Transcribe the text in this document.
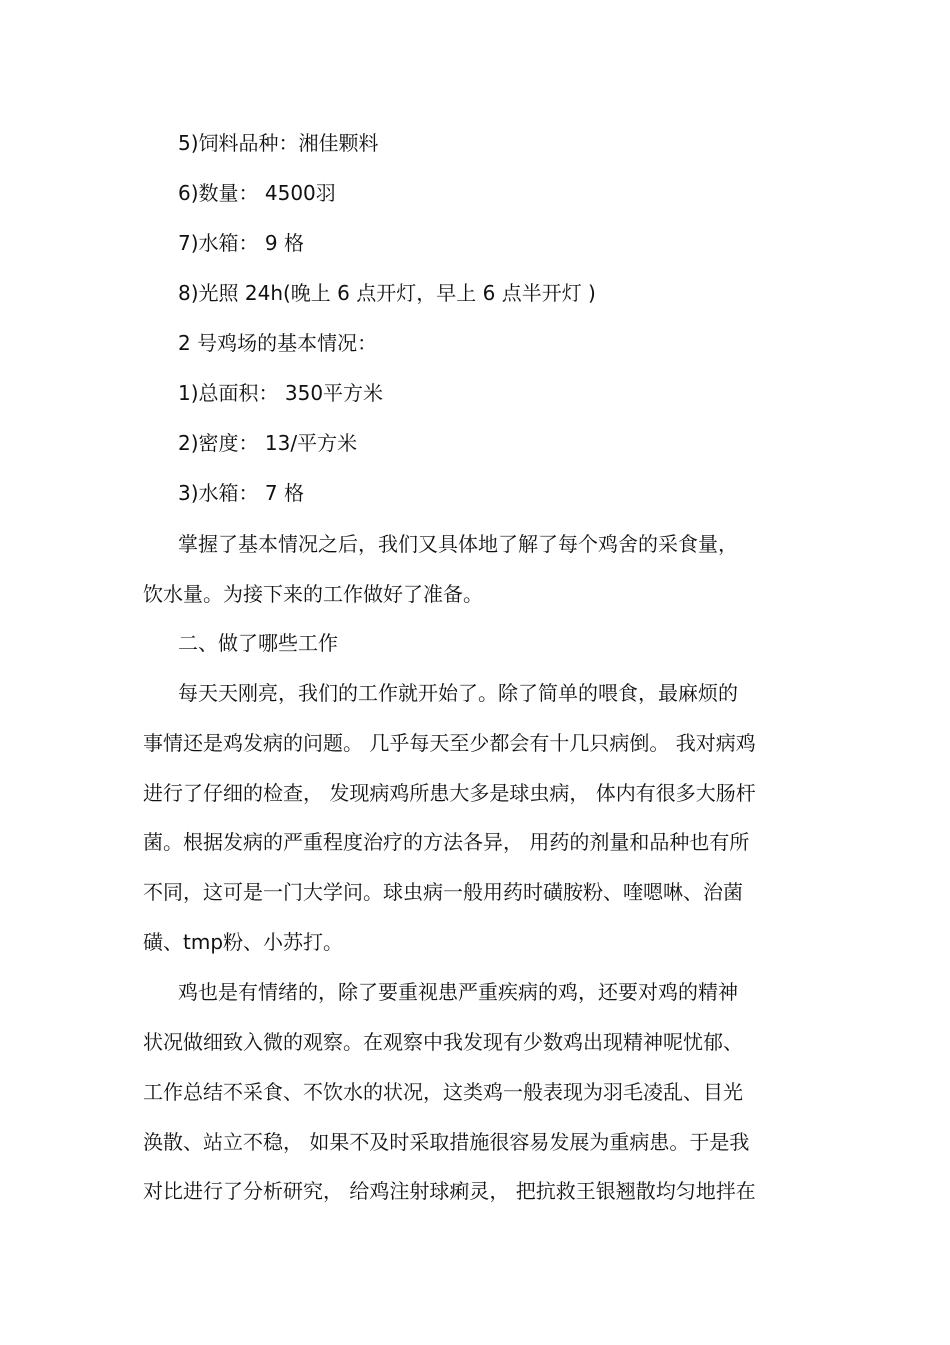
5)饲料品种：湘佳颗料
6)数量： 4500羽
7)水箱： 9 格
8)光照 24h(晚上 6 点开灯，早上 6 点半开灯 )
2 号鸡场的基本情况：
1)总面积： 350平方米
2)密度： 13/平方米
3)水箱： 7 格
掌握了基本情况之后，我们又具体地了解了每个鸡舍的采食量，
饮水量。为接下来的工作做好了准备。
二、做了哪些工作
每天天刚亮，我们的工作就开始了。除了简单的喂食，最麻烦的
事情还是鸡发病的问题。 几乎每天至少都会有十几只病倒。 我对病鸡
进行了仔细的检查， 发现病鸡所患大多是球虫病， 体内有很多大肠杆
菌。根据发病的严重程度治疗的方法各异， 用药的剂量和品种也有所
不同，这可是一门大学问。球虫病一般用药时磺胺粉、喹嗯啉、治菌
磺、tmp粉、小苏打。
鸡也是有情绪的，除了要重视患严重疾病的鸡，还要对鸡的精神
状况做细致入微的观察。在观察中我发现有少数鸡出现精神呢忧郁、
工作总结不采食、不饮水的状况，这类鸡一般表现为羽毛凌乱、目光
涣散、站立不稳， 如果不及时采取措施很容易发展为重病患。于是我
对比进行了分析研究， 给鸡注射球痢灵， 把抗救王银翘散均匀地拌在
